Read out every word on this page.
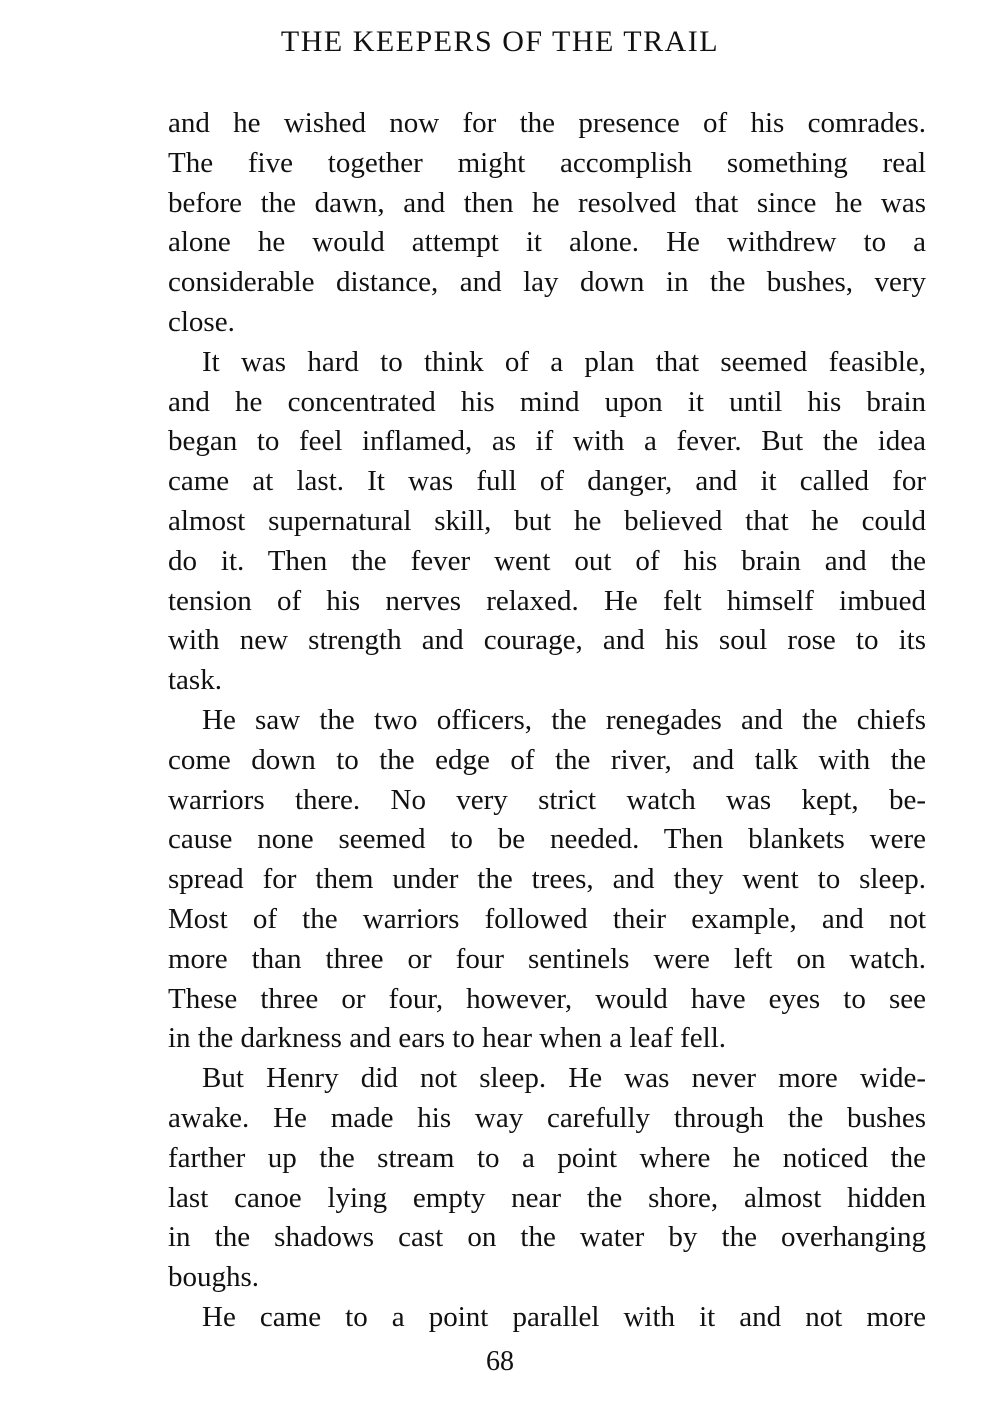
THE KEEPERS OF THE TRAIL
and he wished now for the presence of his comrades.
The five together might accomplish something real
before the dawn, and then he resolved that since he was
alone he would attempt it alone. He withdrew to a
considerable distance, and lay down in the bushes, very
close.
It was hard to think of a plan that seemed feasible,
and he concentrated his mind upon it until his brain
began to feel inflamed, as if with a fever. But the idea
came at last. It was full of danger, and it called for
almost supernatural skill, but he believed that he could
do it. Then the fever went out of his brain and the
tension of his nerves relaxed. He felt himself imbued
with new strength and courage, and his soul rose to its
task.
He saw the two officers, the renegades and the chiefs
come down to the edge of the river, and talk with the
warriors there. No very strict watch was kept, be-
cause none seemed to be needed. Then blankets were
spread for them under the trees, and they went to sleep.
Most of the warriors followed their example, and not
more than three or four sentinels were left on watch.
These three or four, however, would have eyes to see
in the darkness and ears to hear when a leaf fell.
But Henry did not sleep. He was never more wide-
awake. He made his way carefully through the bushes
farther up the stream to a point where he noticed the
last canoe lying empty near the shore, almost hidden
in the shadows cast on the water by the overhanging
boughs.
He came to a point parallel with it and not more
68
